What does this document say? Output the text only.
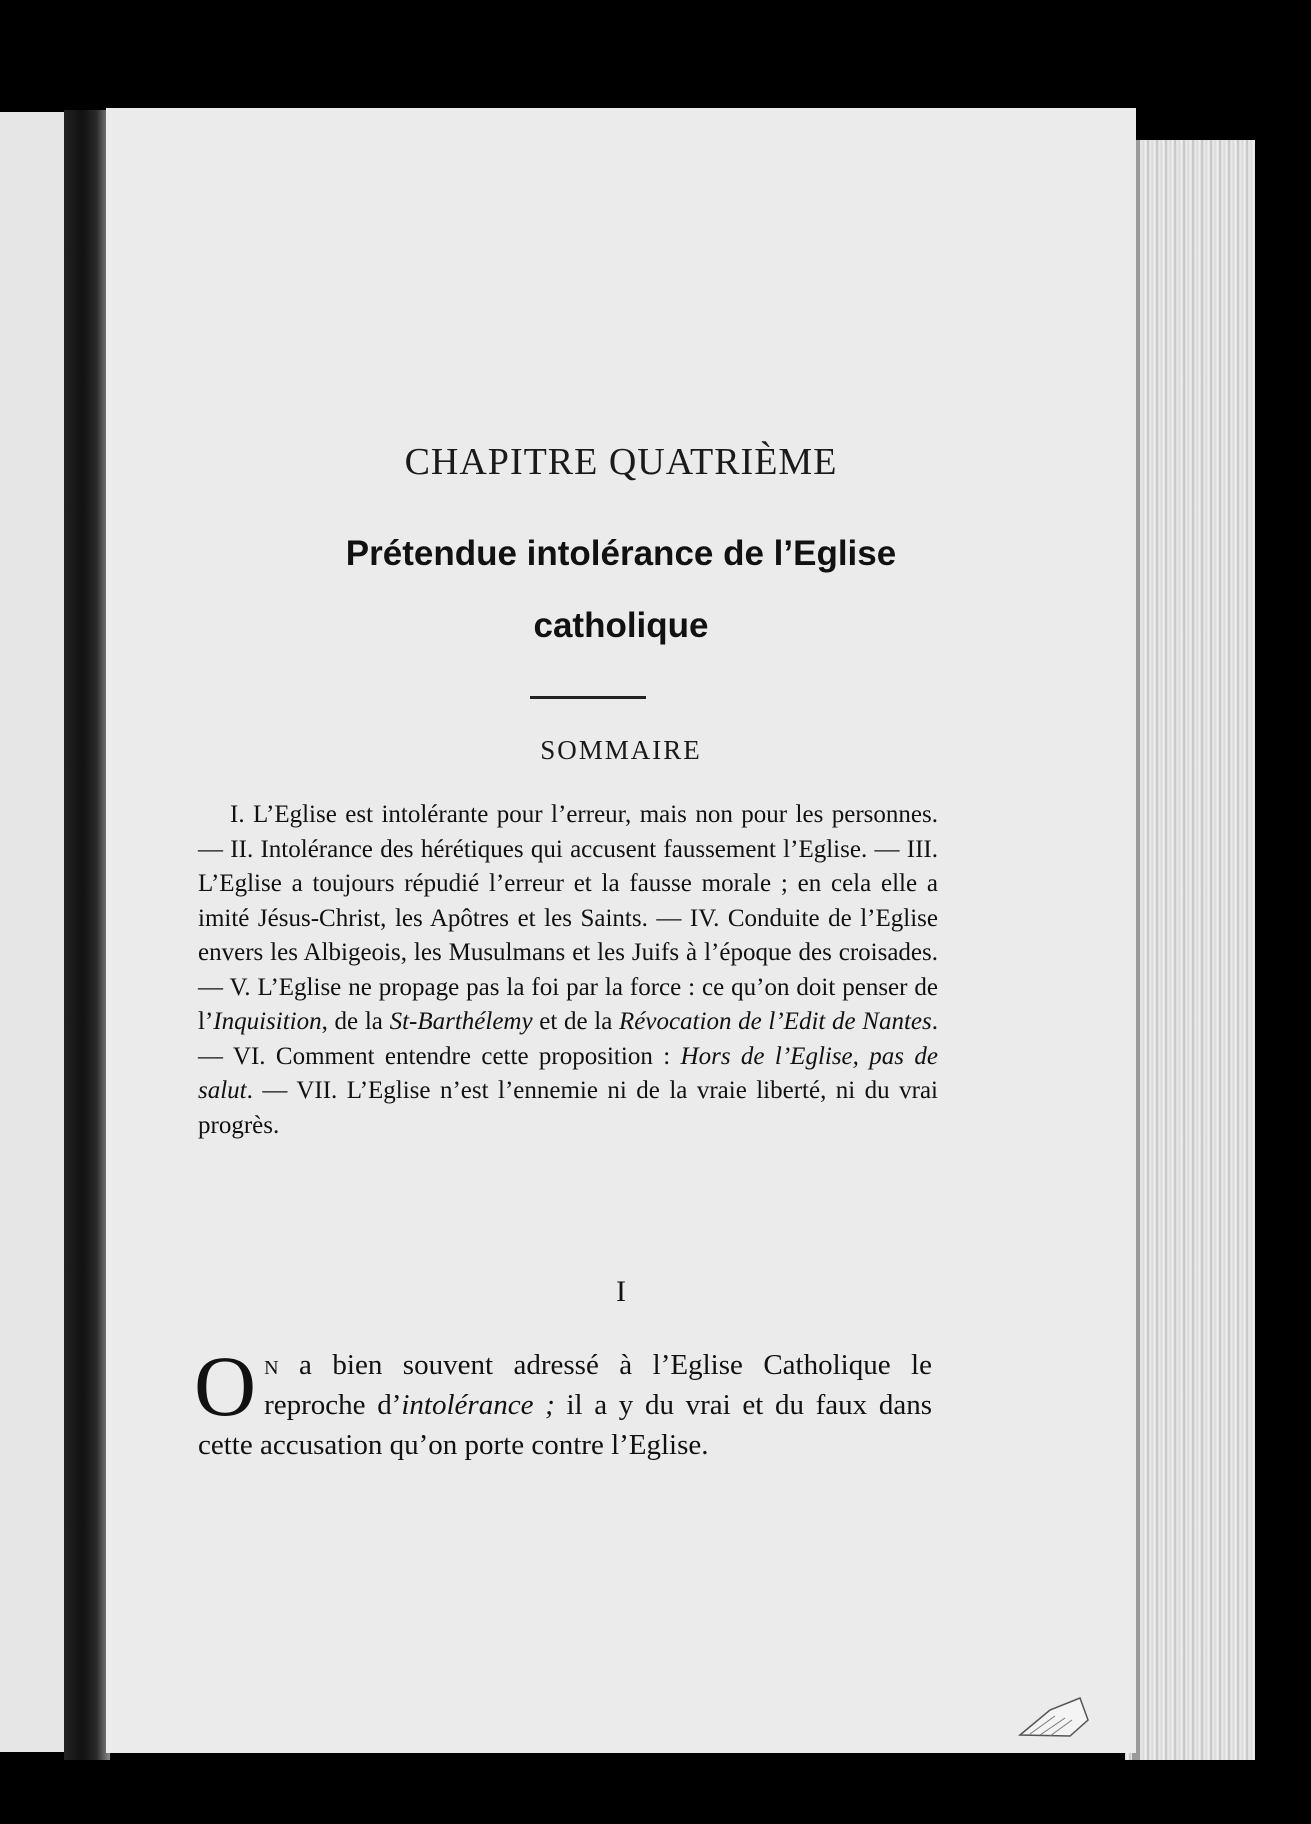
CHAPITRE QUATRIÈME
Prétendue intolérance de l’Eglise
catholique
SOMMAIRE
I. L’Eglise est intolérante pour l’erreur, mais non pour les personnes. — II. Intolérance des hérétiques qui accusent faussement l’Eglise. — III. L’Eglise a toujours répudié l’erreur et la fausse morale ; en cela elle a imité Jésus-Christ, les Apôtres et les Saints. — IV. Conduite de l’Eglise envers les Albigeois, les Musulmans et les Juifs à l’époque des croisades. — V. L’Eglise ne propage pas la foi par la force : ce qu’on doit penser de l’Inquisition, de la St-Barthélemy et de la Révocation de l’Edit de Nantes. — VI. Comment entendre cette proposition : Hors de l’Eglise, pas de salut. — VII. L’Eglise n’est l’ennemie ni de la vraie liberté, ni du vrai progrès.
I
On a bien souvent adressé à l’Eglise Catholique le reproche d’intolérance ; il a y du vrai et du faux dans cette accusation qu’on porte contre l’Eglise.
